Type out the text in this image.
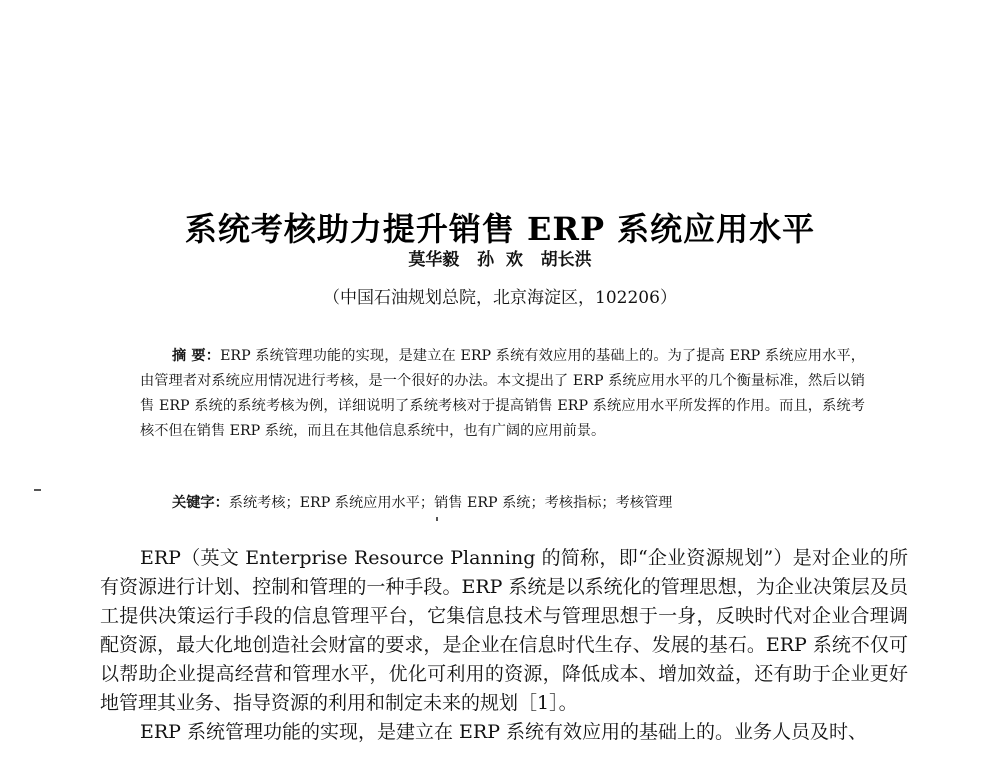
系统考核助力提升销售 ERP 系统应用水平
莫华毅   孙  欢   胡长洪
（中国石油规划总院，北京海淀区，102206）

摘 要：ERP 系统管理功能的实现，是建立在 ERP 系统有效应用的基础上的。为了提高 ERP 系统应用水平，由管理者对系统应用情况进行考核，是一个很好的办法。本文提出了 ERP 系统应用水平的几个衡量标准，然后以销售 ERP 系统的系统考核为例，详细说明了系统考核对于提高销售 ERP 系统应用水平所发挥的作用。而且，系统考核不但在销售 ERP 系统，而且在其他信息系统中，也有广阔的应用前景。

关键字：系统考核；ERP 系统应用水平；销售 ERP 系统；考核指标；考核管理

ERP（英文 Enterprise Resource Planning 的简称，即“企业资源规划”）是对企业的所有资源进行计划、控制和管理的一种手段。ERP 系统是以系统化的管理思想，为企业决策层及员工提供决策运行手段的信息管理平台，它集信息技术与管理思想于一身，反映时代对企业合理调配资源，最大化地创造社会财富的要求，是企业在信息时代生存、发展的基石。ERP 系统不仅可以帮助企业提高经营和管理水平，优化可利用的资源，降低成本、增加效益，还有助于企业更好地管理其业务、指导资源的利用和制定未来的规划［1］。

ERP 系统管理功能的实现，是建立在 ERP 系统有效应用的基础上的。业务人员及时、
